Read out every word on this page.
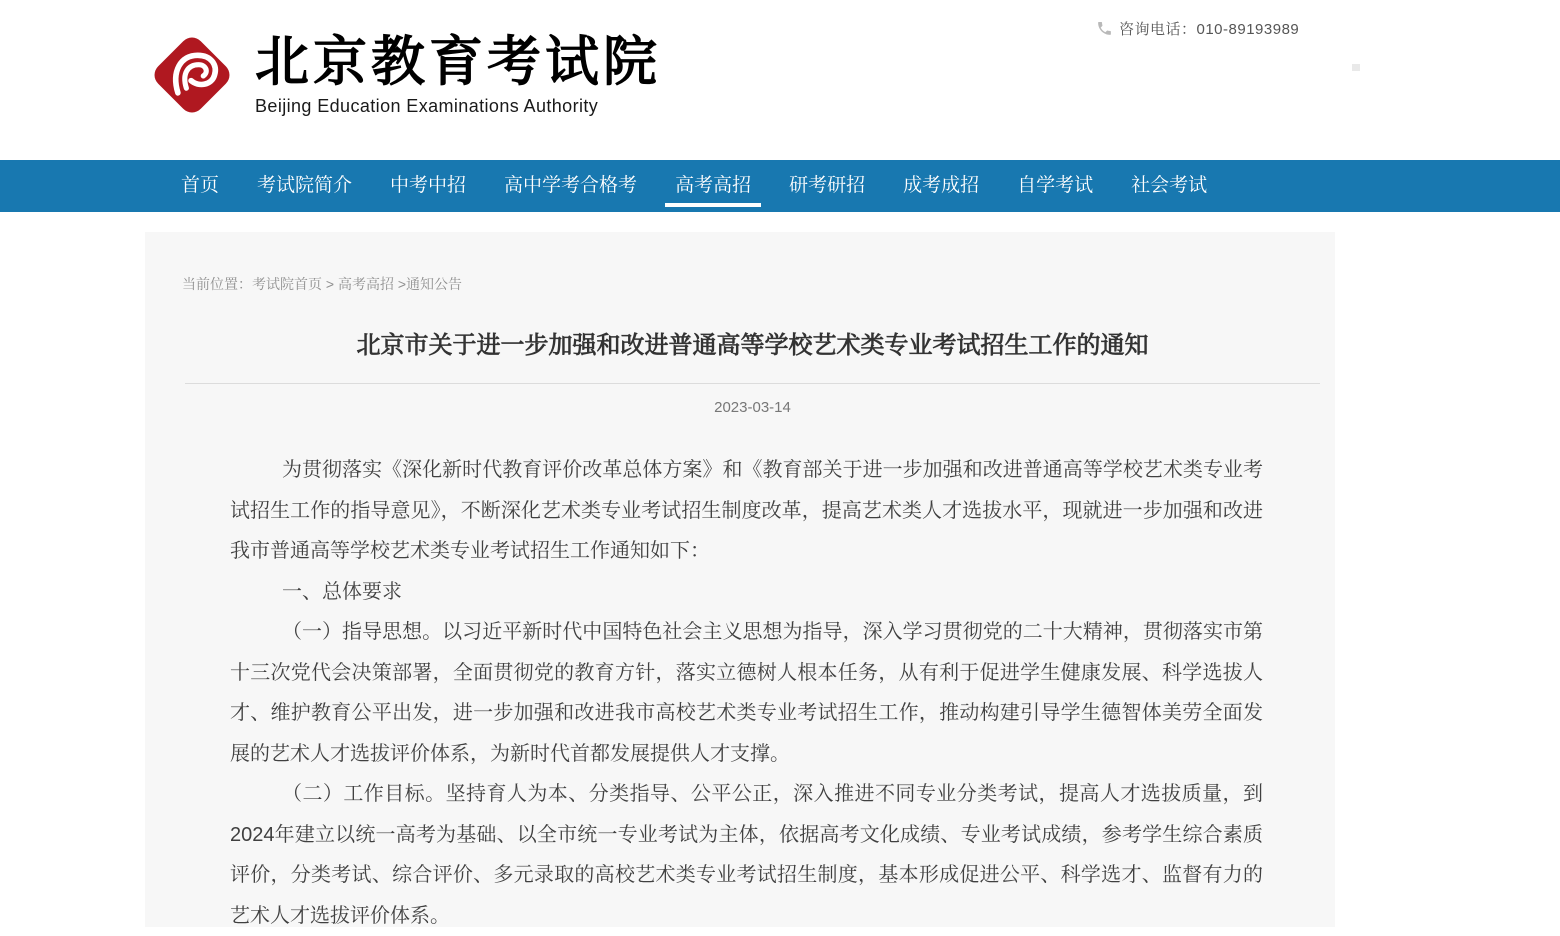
北京教育考试院
Beijing Education Examinations Authority
咨询电话：010-89193989
首页	考试院简介	中考中招	高中学考合格考	高考高招	研考研招	成考成招	自学考试	社会考试
当前位置：考试院首页 > 高考高招 >通知公告
北京市关于进一步加强和改进普通高等学校艺术类专业考试招生工作的通知
2023-03-14

为贯彻落实《深化新时代教育评价改革总体方案》和《教育部关于进一步加强和改进普通高等学校艺术类专业考试招生工作的指导意见》，不断深化艺术类专业考试招生制度改革，提高艺术类人才选拔水平，现就进一步加强和改进我市普通高等学校艺术类专业考试招生工作通知如下：

一、总体要求

（一）指导思想。以习近平新时代中国特色社会主义思想为指导，深入学习贯彻党的二十大精神，贯彻落实市第十三次党代会决策部署，全面贯彻党的教育方针，落实立德树人根本任务，从有利于促进学生健康发展、科学选拔人才、维护教育公平出发，进一步加强和改进我市高校艺术类专业考试招生工作，推动构建引导学生德智体美劳全面发展的艺术人才选拔评价体系，为新时代首都发展提供人才支撑。

（二）工作目标。坚持育人为本、分类指导、公平公正，深入推进不同专业分类考试，提高人才选拔质量，到2024年建立以统一高考为基础、以全市统一专业考试为主体，依据高考文化成绩、专业考试成绩，参考学生综合素质评价，分类考试、综合评价、多元录取的高校艺术类专业考试招生制度，基本形成促进公平、科学选才、监督有力的艺术人才选拔评价体系。
